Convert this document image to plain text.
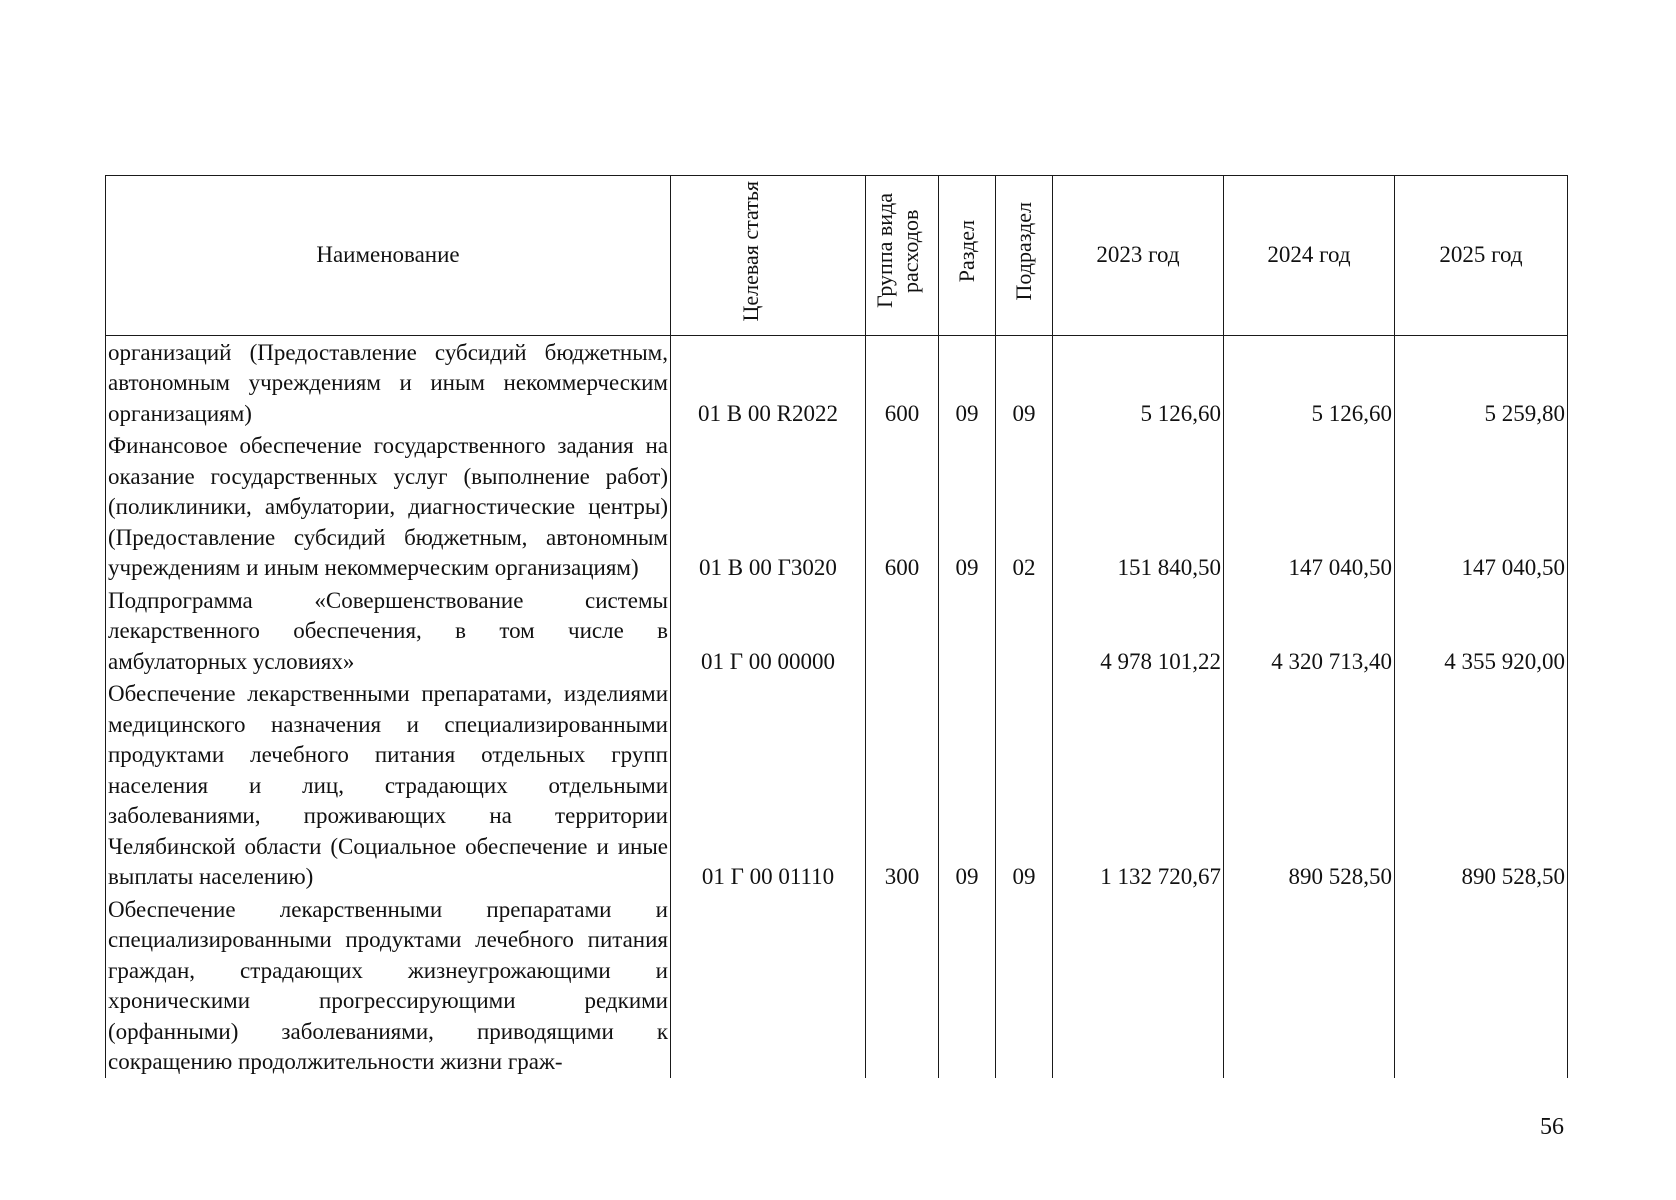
Наименование	Целевая статья	Группа вида расходов	Раздел	Подраздел	2023 год	2024 год	2025 год
организаций (Предоставление субсидий бюджетным, автономным учреждениям и иным некоммерческим организациям)	01 В 00 R2022	600	09	09	5 126,60	5 126,60	5 259,80
Финансовое обеспечение государственного задания на оказание государственных услуг (выполнение работ) (поликлиники, амбулатории, диагностические центры) (Предоставление субсидий бюджетным, автономным учреждениям и иным некоммерческим организациям)	01 В 00 Г3020	600	09	02	151 840,50	147 040,50	147 040,50
Подпрограмма «Совершенствование системы лекарственного обеспечения, в том числе в амбулаторных условиях»	01 Г 00 00000				4 978 101,22	4 320 713,40	4 355 920,00
Обеспечение лекарственными препаратами, изделиями медицинского назначения и специализированными продуктами лечебного питания отдельных групп населения и лиц, страдающих отдельными заболеваниями, проживающих на территории Челябинской области (Социальное обеспечение и иные выплаты населению)	01 Г 00 01110	300	09	09	1 132 720,67	890 528,50	890 528,50
Обеспечение лекарственными препаратами и специализированными продуктами лечебного питания граждан, страдающих жизнеугрожающими и хроническими прогрессирующими редкими (орфанными) заболеваниями, приводящими к сокращению продолжительности жизни граж-							
56
